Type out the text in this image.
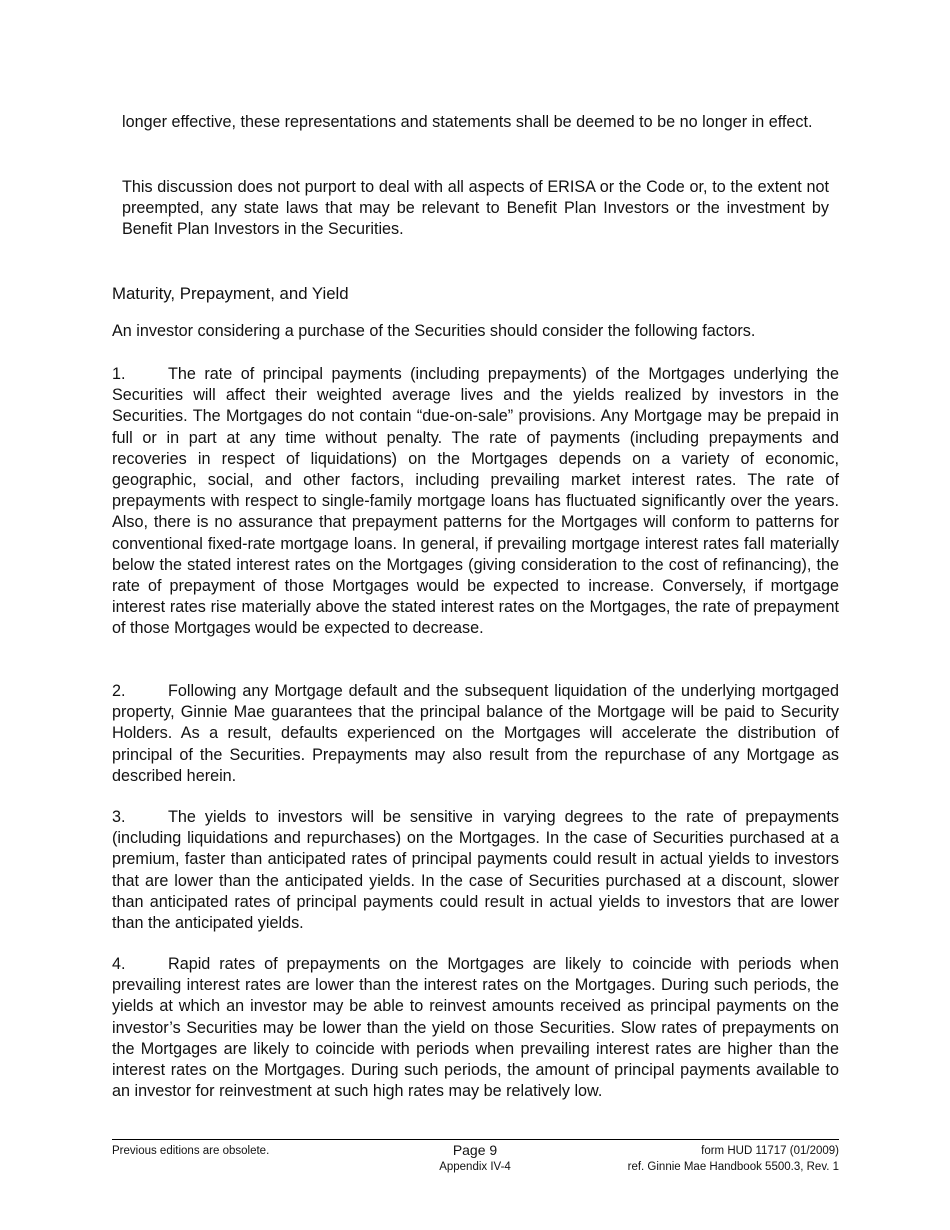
longer effective, these representations and statements shall be deemed to be no longer in effect.

This discussion does not purport to deal with all aspects of ERISA or the Code or, to the extent not preempted, any state laws that may be relevant to Benefit Plan Investors or the investment by Benefit Plan Investors in the Securities.

Maturity, Prepayment, and Yield

An investor considering a purchase of the Securities should consider the following factors.

1.	The rate of principal payments (including prepayments) of the Mortgages underlying the Securities will affect their weighted average lives and the yields realized by investors in the Securities. The Mortgages do not contain “due-on-sale” provisions. Any Mortgage may be prepaid in full or in part at any time without penalty. The rate of payments (including prepayments and recoveries in respect of liquidations) on the Mortgages depends on a variety of economic, geographic, social, and other factors, including prevailing market interest rates. The rate of prepayments with respect to single-family mortgage loans has fluctuated significantly over the years. Also, there is no assurance that prepayment patterns for the Mortgages will conform to patterns for conventional fixed-rate mortgage loans. In general, if prevailing mortgage interest rates fall materially below the stated interest rates on the Mortgages (giving consideration to the cost of refinancing), the rate of prepayment of those Mortgages would be expected to increase. Conversely, if mortgage interest rates rise materially above the stated interest rates on the Mortgages, the rate of prepayment of those Mortgages would be expected to decrease.

2.	Following any Mortgage default and the subsequent liquidation of the underlying mortgaged property, Ginnie Mae guarantees that the principal balance of the Mortgage will be paid to Security Holders. As a result, defaults experienced on the Mortgages will accelerate the distribution of principal of the Securities. Prepayments may also result from the repurchase of any Mortgage as described herein.

3.	The yields to investors will be sensitive in varying degrees to the rate of prepayments (including liquidations and repurchases) on the Mortgages. In the case of Securities purchased at a premium, faster than anticipated rates of principal payments could result in actual yields to investors that are lower than the anticipated yields. In the case of Securities purchased at a discount, slower than anticipated rates of principal payments could result in actual yields to investors that are lower than the anticipated yields.

4.	Rapid rates of prepayments on the Mortgages are likely to coincide with periods when prevailing interest rates are lower than the interest rates on the Mortgages. During such periods, the yields at which an investor may be able to reinvest amounts received as principal payments on the investor’s Securities may be lower than the yield on those Securities. Slow rates of prepayments on the Mortgages are likely to coincide with periods when prevailing interest rates are higher than the interest rates on the Mortgages. During such periods, the amount of principal payments available to an investor for reinvestment at such high rates may be relatively low.

Previous editions are obsolete.	Page 9
Appendix IV-4
form HUD 11717 (01/2009)
ref. Ginnie Mae Handbook 5500.3, Rev. 1
